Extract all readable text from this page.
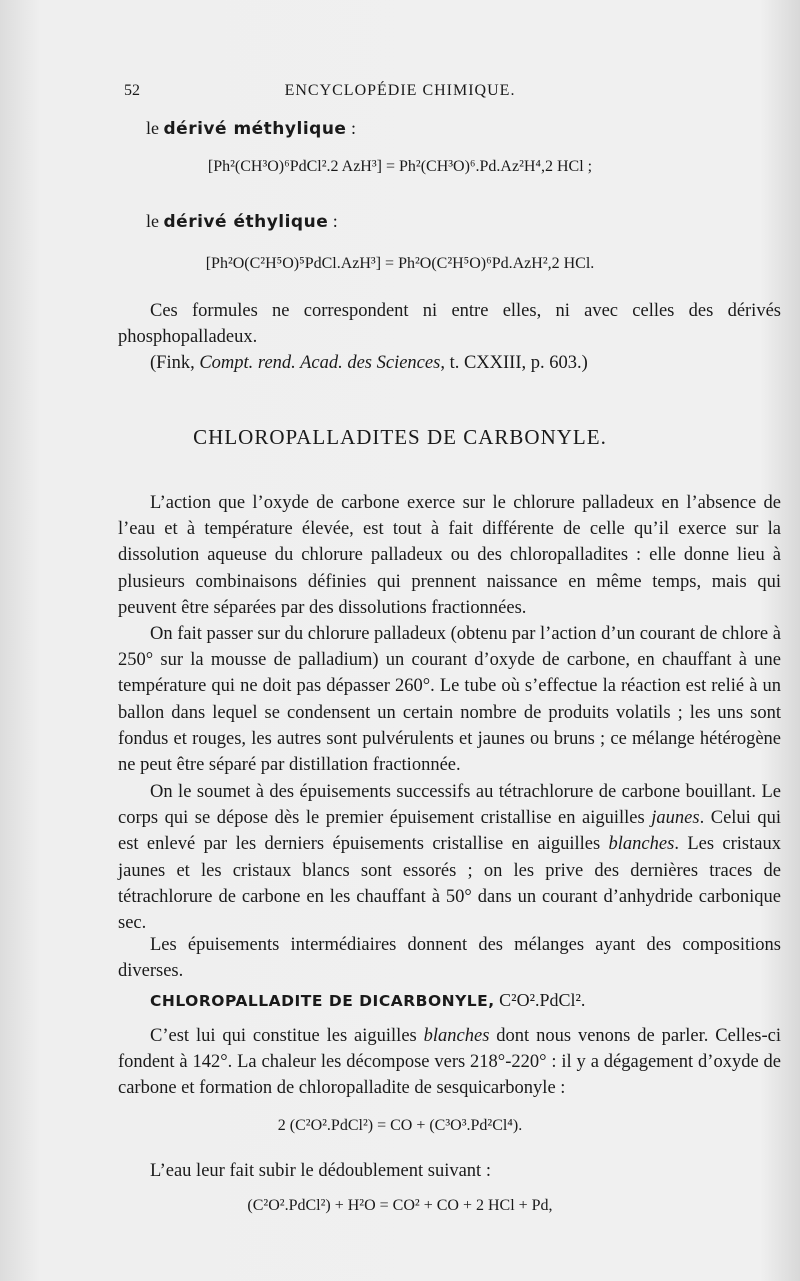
52	ENCYCLOPÉDIE CHIMIQUE.
le dérivé méthylique :
[Ph²(CH³O)⁶PdCl².2 AzH³] = Ph²(CH³O)⁶.Pd.Az²H⁴,2 HCl ;
le dérivé éthylique :
[Ph²O(C²H⁵O)⁵PdCl.AzH³] = Ph²O(C²H⁵O)⁶Pd.AzH²,2 HCl.

Ces formules ne correspondent ni entre elles, ni avec celles des dérivés phosphopalladeux.

(Fink, Compt. rend. Acad. des Sciences, t. CXXIII, p. 603.)

CHLOROPALLADITES DE CARBONYLE.

L’action que l’oxyde de carbone exerce sur le chlorure palladeux en l’absence de l’eau et à température élevée, est tout à fait différente de celle qu’il exerce sur la dissolution aqueuse du chlorure palladeux ou des chloropalladites : elle donne lieu à plusieurs combinaisons définies qui prennent naissance en même temps, mais qui peuvent être séparées par des dissolutions fractionnées.

On fait passer sur du chlorure palladeux (obtenu par l’action d’un courant de chlore à 250° sur la mousse de palladium) un courant d’oxyde de carbone, en chauffant à une température qui ne doit pas dépasser 260°. Le tube où s’effectue la réaction est relié à un ballon dans lequel se condensent un certain nombre de produits volatils ; les uns sont fondus et rouges, les autres sont pulvérulents et jaunes ou bruns ; ce mélange hétérogène ne peut être séparé par distillation fractionnée.

On le soumet à des épuisements successifs au tétrachlorure de carbone bouillant. Le corps qui se dépose dès le premier épuisement cristallise en aiguilles jaunes. Celui qui est enlevé par les derniers épuisements cristallise en aiguilles blanches. Les cristaux jaunes et les cristaux blancs sont essorés ; on les prive des dernières traces de tétrachlorure de carbone en les chauffant à 50° dans un courant d’anhydride carbonique sec.

Les épuisements intermédiaires donnent des mélanges ayant des compositions diverses.

CHLOROPALLADITE DE DICARBONYLE, C²O².PdCl².

C’est lui qui constitue les aiguilles blanches dont nous venons de parler. Celles-ci fondent à 142°. La chaleur les décompose vers 218°-220° : il y a dégagement d’oxyde de carbone et formation de chloropalladite de sesquicarbonyle :

2 (C²O².PdCl²) = CO + (C³O³.Pd²Cl⁴).

L’eau leur fait subir le dédoublement suivant :

(C²O².PdCl²) + H²O = CO² + CO + 2 HCl + Pd,
